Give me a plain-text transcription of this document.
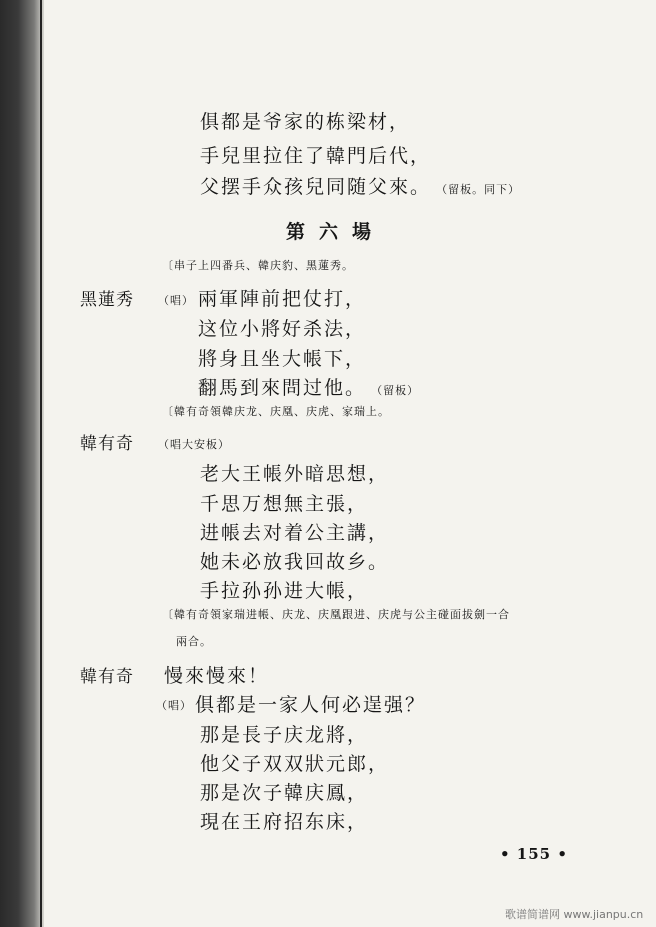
俱都是爷家的栋梁材，
手兒里拉住了韓門后代，
父摆手众孩兒同随父來。 （留板。同下）
第六場
〔串子上四番兵、韓庆豹、黑蓮秀。
黑蓮秀 （唱） 兩軍陣前把仗打，
这位小將好杀法，
將身且坐大帳下，
翻馬到來問过他。 （留板）
〔韓有奇領韓庆龙、庆凰、庆虎、家瑞上。
韓有奇 （唱大安板）
老大王帳外暗思想，
千思万想無主張，
进帳去对着公主講，
她未必放我回故乡。
手拉孙孙进大帳，
〔韓有奇領家瑞进帳、庆龙、庆凰跟进、庆虎与公主碰面拔劍一合
兩合。
韓有奇 慢來慢來！
（唱） 俱都是一家人何必逞强？
那是長子庆龙將，
他父子双双狀元郎，
那是次子韓庆鳳，
現在王府招东床，
• 155 •
歌谱简谱网 www.jianpu.cn
